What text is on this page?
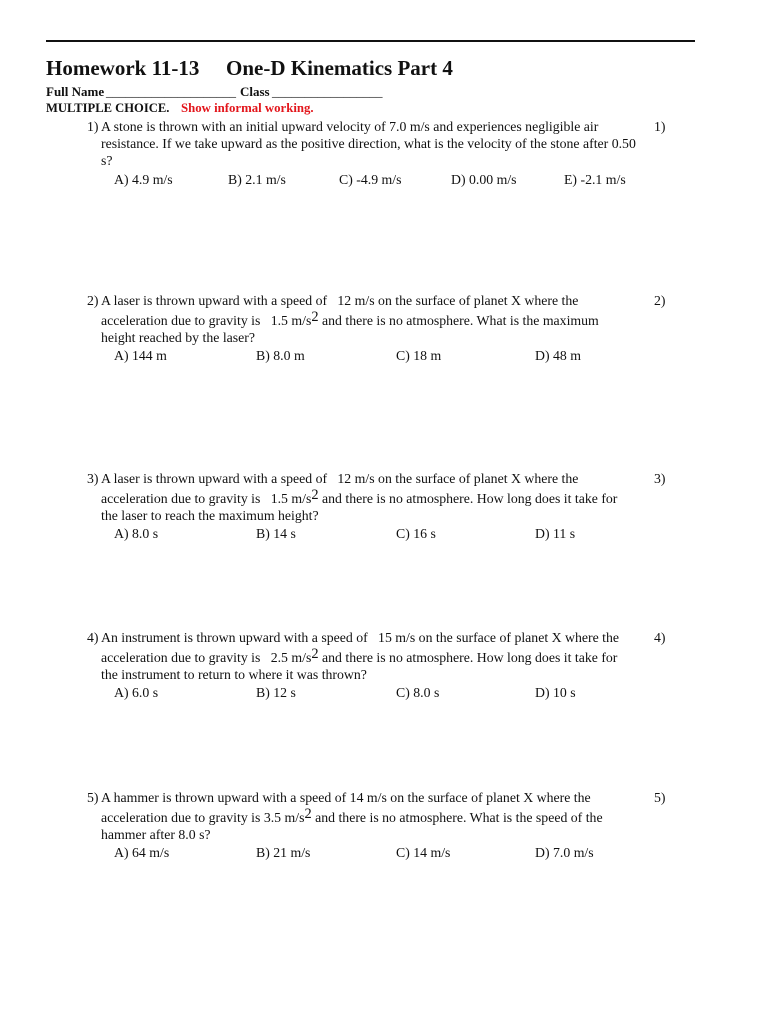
Homework 11-13 One-D Kinematics Part 4
Full Name ____________________ Class _________________
MULTIPLE CHOICE. Show informal working.
1) A stone is thrown with an initial upward velocity of 7.0 m/s and experiences negligible air
resistance. If we take upward as the positive direction, what is the velocity of the stone after 0.50
s?
A) 4.9 m/s	B) 2.1 m/s	C) -4.9 m/s	D) 0.00 m/s	E) -2.1 m/s
1)
2) A laser is thrown upward with a speed of   12 m/s on the surface of planet X where the
acceleration due to gravity is   1.5 m/s2 and there is no atmosphere. What is the maximum
height reached by the laser?
A) 144 m	B) 8.0 m	C) 18 m	D) 48 m
2)
3) A laser is thrown upward with a speed of   12 m/s on the surface of planet X where the
acceleration due to gravity is   1.5 m/s2 and there is no atmosphere. How long does it take for
the laser to reach the maximum height?
A) 8.0 s	B) 14 s	C) 16 s	D) 11 s
3)
4) An instrument is thrown upward with a speed of   15 m/s on the surface of planet X where the
acceleration due to gravity is   2.5 m/s2 and there is no atmosphere. How long does it take for
the instrument to return to where it was thrown?
A) 6.0 s	B) 12 s	C) 8.0 s	D) 10 s
4)
5) A hammer is thrown upward with a speed of 14 m/s on the surface of planet X where the
acceleration due to gravity is 3.5 m/s2 and there is no atmosphere. What is the speed of the
hammer after 8.0 s?
A) 64 m/s	B) 21 m/s	C) 14 m/s	D) 7.0 m/s
5)
